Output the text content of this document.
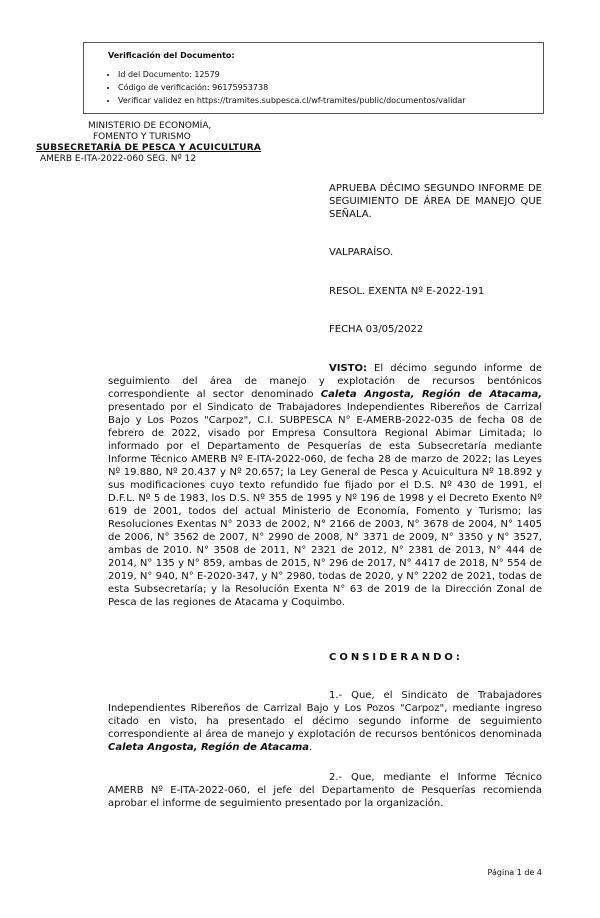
Verificación del Documento:
• Id del Documento: 12579
• Código de verificación: 96175953738
• Verificar validez en https://tramites.subpesca.cl/wf-tramites/public/documentos/validar
MINISTERIO DE ECONOMÍA,
FOMENTO Y TURISMO
SUBSECRETARÍA DE PESCA Y ACUICULTURA
AMERB E-ITA-2022-060 SEG. Nº 12
APRUEBA DÉCIMO SEGUNDO INFORME DE SEGUIMIENTO DE ÁREA DE MANEJO QUE SEÑALA.
VALPARAÍSO.
RESOL. EXENTA Nº E-2022-191
FECHA 03/05/2022
VISTO: El décimo segundo informe de seguimiento del área de manejo y explotación de recursos bentónicos correspondiente al sector denominado Caleta Angosta, Región de Atacama, presentado por el Sindicato de Trabajadores Independientes Ribereños de Carrizal Bajo y Los Pozos "Carpoz", C.I. SUBPESCA N° E-AMERB-2022-035 de fecha 08 de febrero de 2022, visado por Empresa Consultora Regional Abimar Limitada; lo informado por el Departamento de Pesquerías de esta Subsecretaría mediante Informe Técnico AMERB Nº E-ITA-2022-060, de fecha 28 de marzo de 2022; las Leyes Nº 19.880, Nº 20.437 y Nº 20.657; la Ley General de Pesca y Acuicultura Nº 18.892 y sus modificaciones cuyo texto refundido fue fijado por el D.S. Nº 430 de 1991, el D.F.L. Nº 5 de 1983, los D.S. Nº 355 de 1995 y Nº 196 de 1998 y el Decreto Exento Nº 619 de 2001, todos del actual Ministerio de Economía, Fomento y Turismo; las Resoluciones Exentas N° 2033 de 2002, N° 2166 de 2003, N° 3678 de 2004, N° 1405 de 2006, N° 3562 de 2007, N° 2990 de 2008, N° 3371 de 2009, N° 3350 y N° 3527, ambas de 2010. N° 3508 de 2011, N° 2321 de 2012, N° 2381 de 2013, N° 444 de 2014, N° 135 y N° 859, ambas de 2015, N° 296 de 2017, N° 4417 de 2018, N° 554 de 2019, N° 940, N° E-2020-347, y N° 2980, todas de 2020, y N° 2202 de 2021, todas de esta Subsecretaría; y la Resolución Exenta N° 63 de 2019 de la Dirección Zonal de Pesca de las regiones de Atacama y Coquimbo.
CONSIDERANDO:
1.- Que, el Sindicato de Trabajadores Independientes Ribereños de Carrizal Bajo y Los Pozos "Carpoz", mediante ingreso citado en visto, ha presentado el décimo segundo informe de seguimiento correspondiente al área de manejo y explotación de recursos bentónicos denominada Caleta Angosta, Región de Atacama.
2.- Que, mediante el Informe Técnico AMERB Nº E-ITA-2022-060, el jefe del Departamento de Pesquerías recomienda aprobar el informe de seguimiento presentado por la organización.
Página 1 de 4
